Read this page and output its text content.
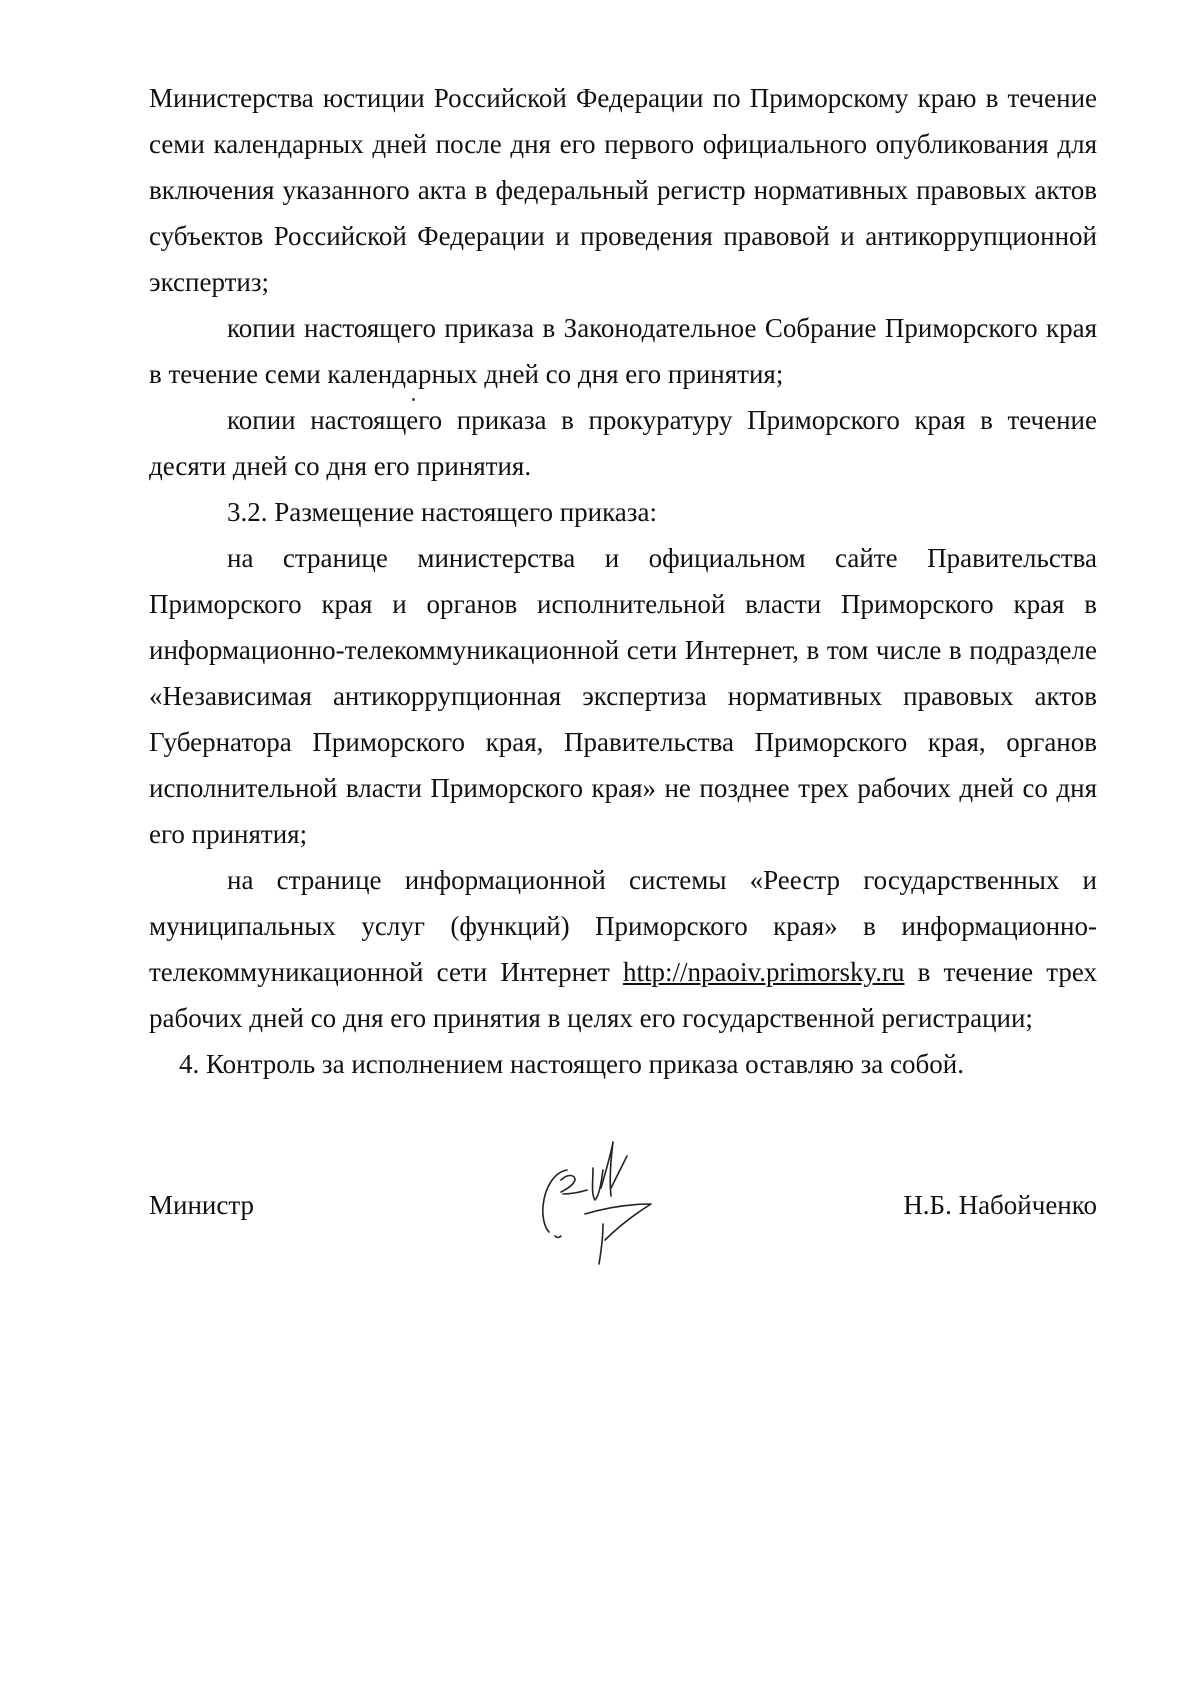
Министерства юстиции Российской Федерации по Приморскому краю в течение семи календарных дней после дня его первого официального опубликования для включения указанного акта в федеральный регистр нормативных правовых актов субъектов Российской Федерации и проведения правовой и антикоррупционной экспертиз;

копии настоящего приказа в Законодательное Собрание Приморского края в течение семи календарных дней со дня его принятия;

копии настоящего приказа в прокуратуру Приморского края в течение десяти дней со дня его принятия.

3.2. Размещение настоящего приказа:

на странице министерства и официальном сайте Правительства Приморского края и органов исполнительной власти Приморского края в информационно-телекоммуникационной сети Интернет, в том числе в подразделе «Независимая антикоррупционная экспертиза нормативных правовых актов Губернатора Приморского края, Правительства Приморского края, органов исполнительной власти Приморского края» не позднее трех рабочих дней со дня его принятия;

на странице информационной системы «Реестр государственных и муниципальных услуг (функций) Приморского края» в информационно-телекоммуникационной сети Интернет http://npaoiv.primorsky.ru в течение трех рабочих дней со дня его принятия в целях его государственной регистрации;

4. Контроль за исполнением настоящего приказа оставляю за собой.

Министр	Н.Б. Набойченко
